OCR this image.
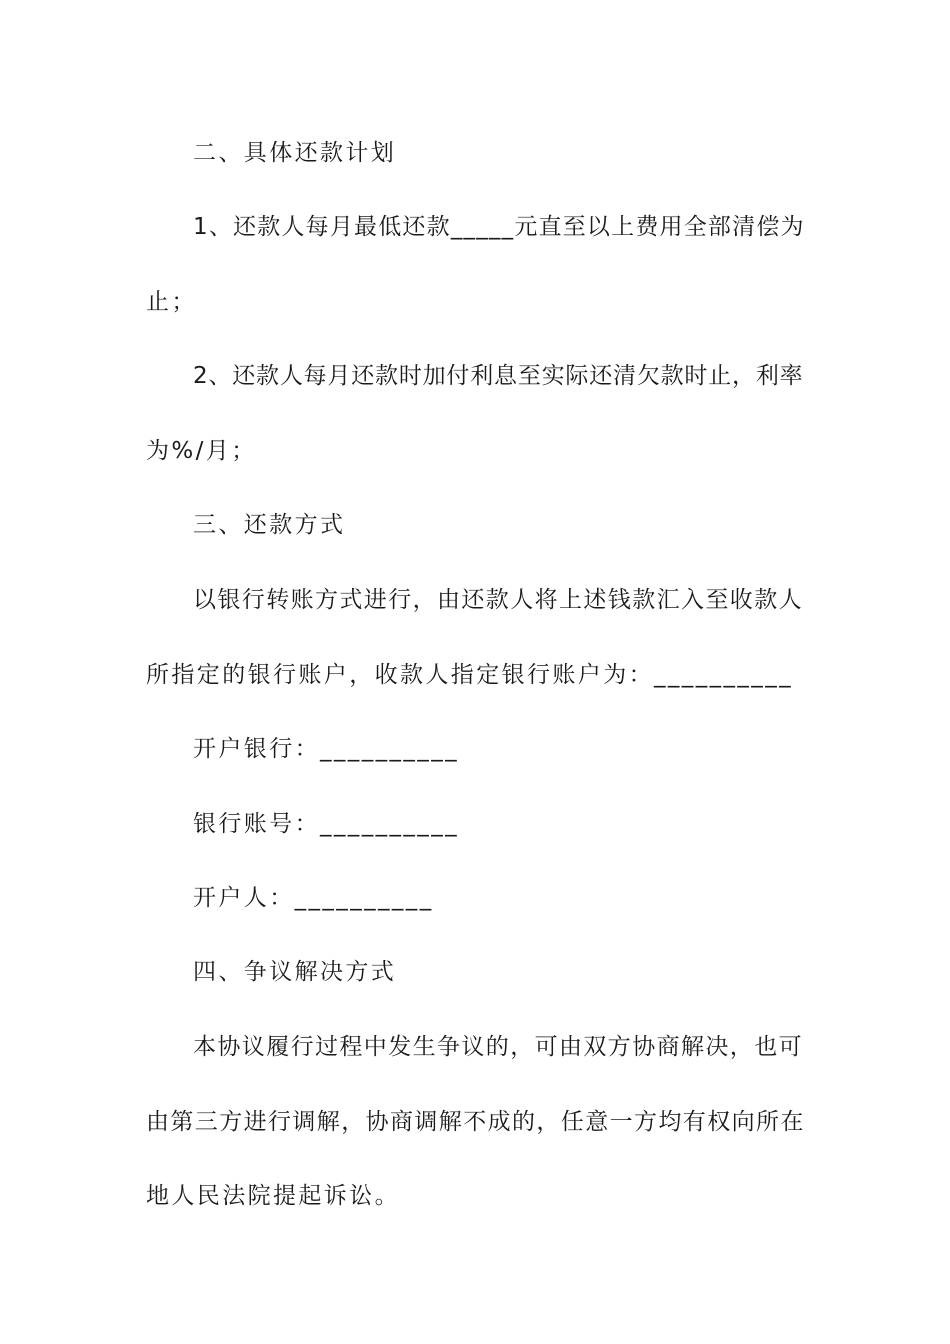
二、具体还款计划
1、还款人每月最低还款_____元直至以上费用全部清偿为
止；
2、还款人每月还款时加付利息至实际还清欠款时止，利率
为%/月；
三、还款方式
以银行转账方式进行，由还款人将上述钱款汇入至收款人
所指定的银行账户，收款人指定银行账户为：__________
开户银行：__________
银行账号：__________
开户人：__________
四、争议解决方式
本协议履行过程中发生争议的，可由双方协商解决，也可
由第三方进行调解，协商调解不成的，任意一方均有权向所在
地人民法院提起诉讼。
